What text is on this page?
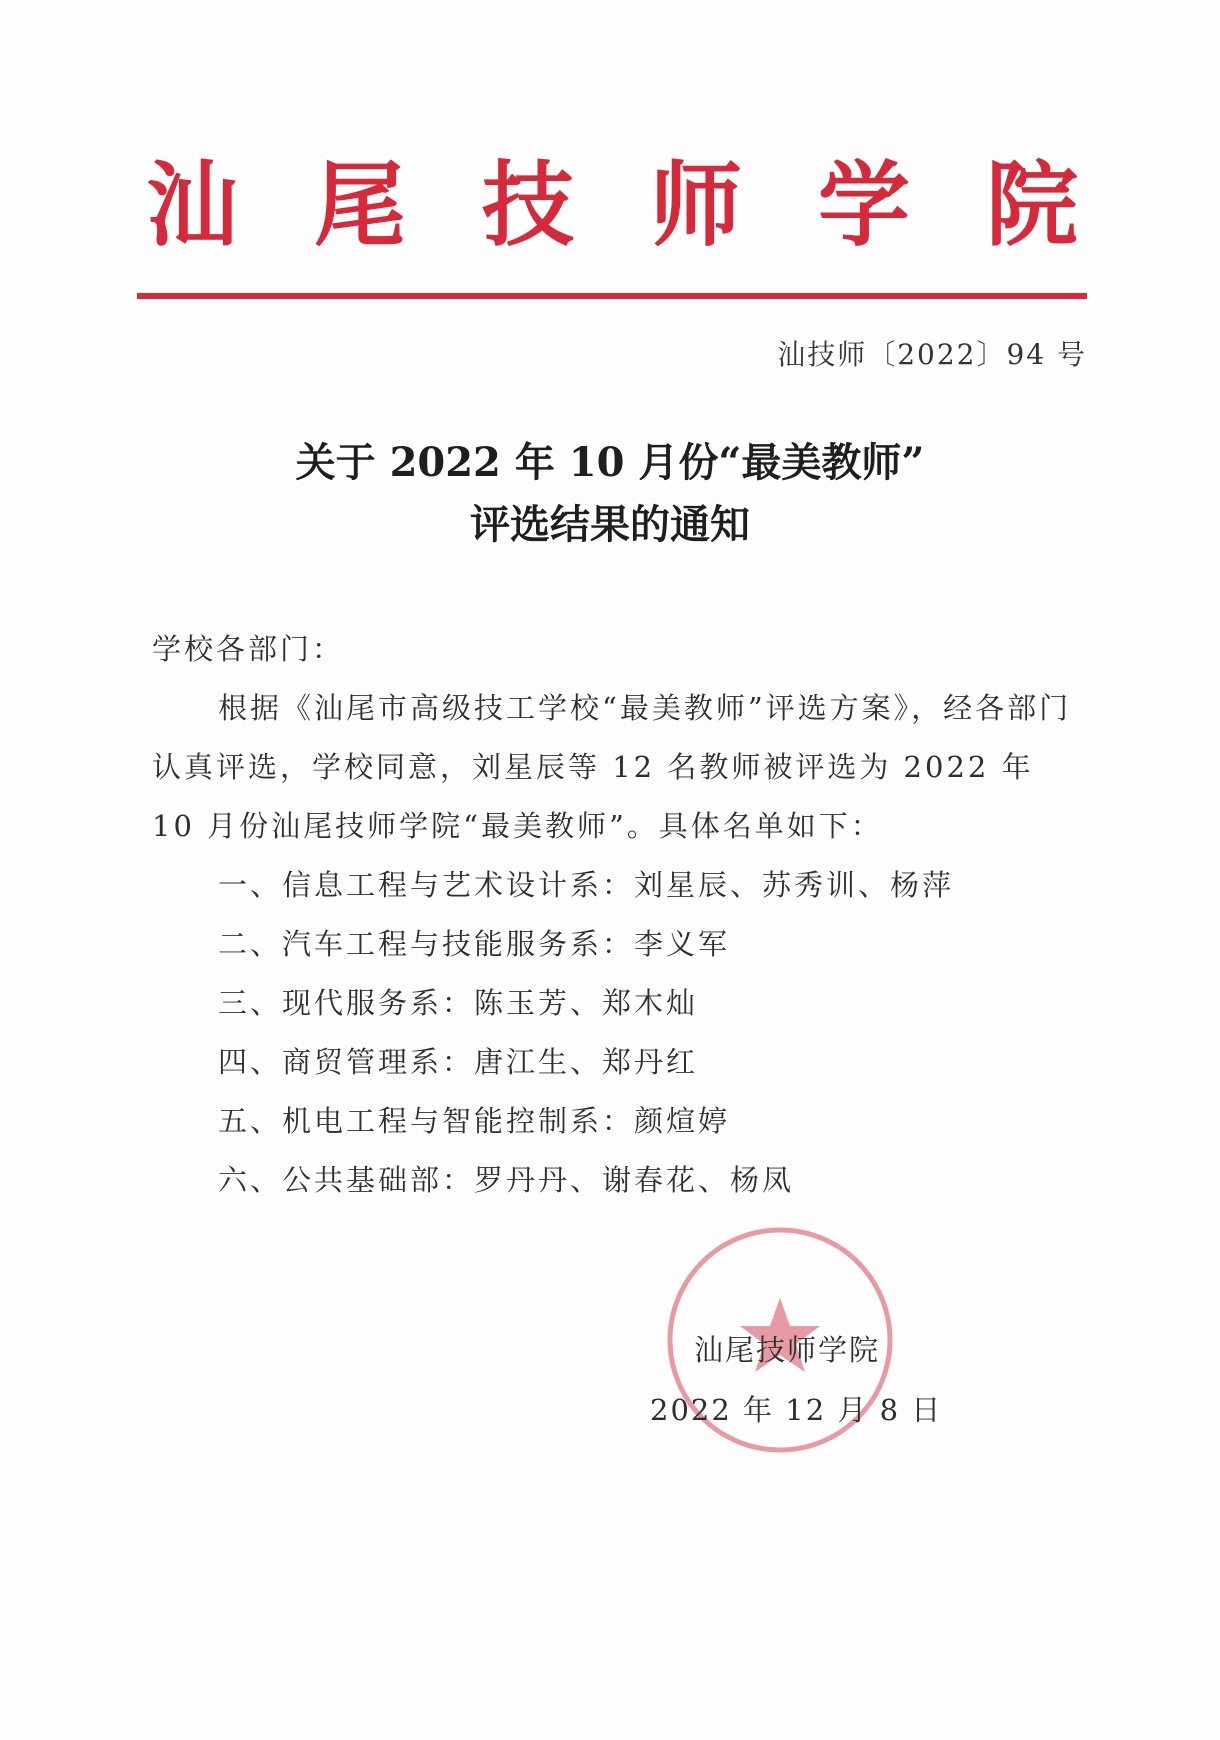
汕 尾 技 师 学 院
汕技师〔2022〕94 号
关于 2022 年 10 月份“最美教师”
评选结果的通知

学校各部门：

根据《汕尾市高级技工学校“最美教师”评选方案》，经各部门认真评选，学校同意，刘星辰等 12 名教师被评选为 2022 年 10 月份汕尾技师学院“最美教师”。具体名单如下：

一、信息工程与艺术设计系：刘星辰、苏秀训、杨萍

二、汽车工程与技能服务系：李义军

三、现代服务系：陈玉芳、郑木灿

四、商贸管理系：唐江生、郑丹红

五、机电工程与智能控制系：颜煊婷

六、公共基础部：罗丹丹、谢春花、杨凤

汕尾技师学院
2022 年 12 月 8 日
